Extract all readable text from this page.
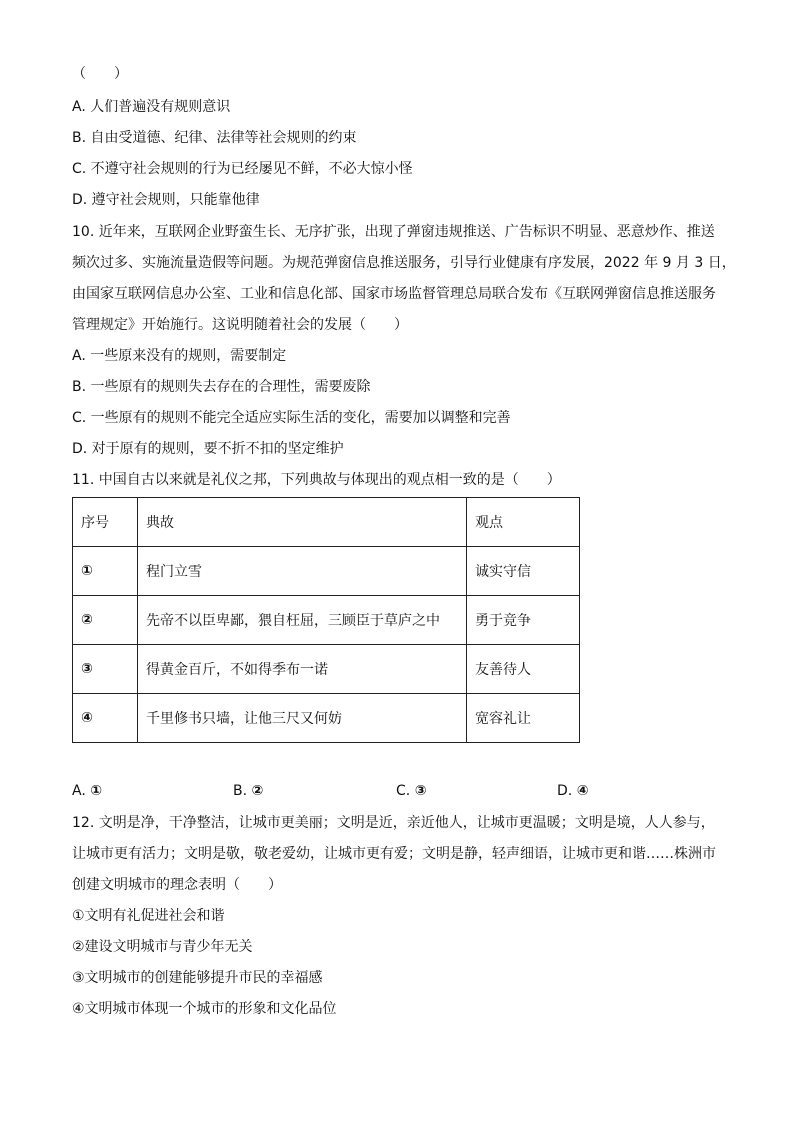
（　　）
A. 人们普遍没有规则意识
B. 自由受道德、纪律、法律等社会规则的约束
C. 不遵守社会规则的行为已经屡见不鲜，不必大惊小怪
D. 遵守社会规则，只能靠他律
10. 近年来，互联网企业野蛮生长、无序扩张，出现了弹窗违规推送、广告标识不明显、恶意炒作、推送
频次过多、实施流量造假等问题。为规范弹窗信息推送服务，引导行业健康有序发展，2022 年 9 月 3 日，
由国家互联网信息办公室、工业和信息化部、国家市场监督管理总局联合发布《互联网弹窗信息推送服务
管理规定》开始施行。这说明随着社会的发展（　　）
A. 一些原来没有的规则，需要制定
B. 一些原有的规则失去存在的合理性，需要废除
C. 一些原有的规则不能完全适应实际生活的变化，需要加以调整和完善
D. 对于原有的规则，要不折不扣的坚定维护
11. 中国自古以来就是礼仪之邦，下列典故与体现出的观点相一致的是（　　）
序号	典故	观点
①	程门立雪	诚实守信
②	先帝不以臣卑鄙，猥自枉屈，三顾臣于草庐之中	勇于竞争
③	得黄金百斤，不如得季布一诺	友善待人
④	千里修书只墙，让他三尺又何妨	宽容礼让
A. ①	B. ②	C. ③	D. ④
12. 文明是净，干净整洁，让城市更美丽；文明是近，亲近他人，让城市更温暖；文明是境，人人参与，
让城市更有活力；文明是敬，敬老爱幼，让城市更有爱；文明是静，轻声细语，让城市更和谐……株洲市
创建文明城市的理念表明（　　）
①文明有礼促进社会和谐
②建设文明城市与青少年无关
③文明城市的创建能够提升市民的幸福感
④文明城市体现一个城市的形象和文化品位
